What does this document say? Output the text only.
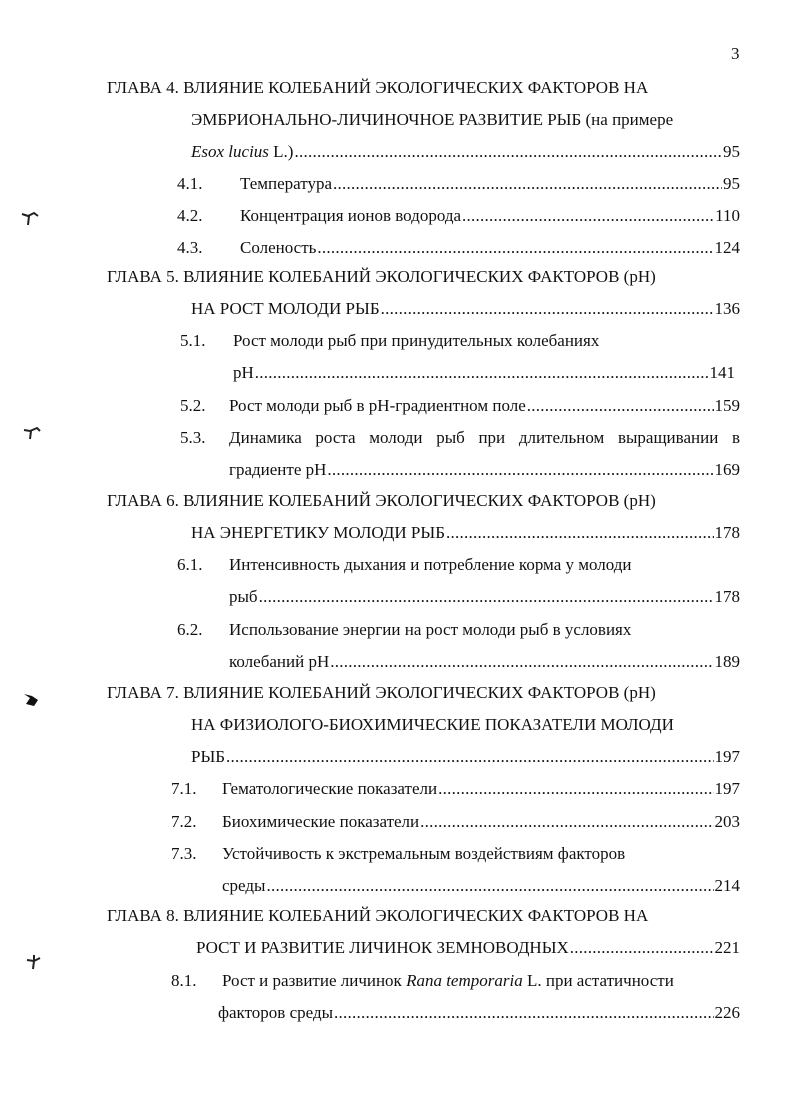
3
ГЛАВА 4. ВЛИЯНИЕ КОЛЕБАНИЙ ЭКОЛОГИЧЕСКИХ ФАКТОРОВ НА
ЭМБРИОНАЛЬНО-ЛИЧИНОЧНОЕ РАЗВИТИЕ РЫБ (на примере
Esox lucius L.) . . .	95
4.1. Температура . . .	95
4.2. Концентрация ионов водорода . . .	110
4.3. Соленость . . .	124
ГЛАВА 5. ВЛИЯНИЕ КОЛЕБАНИЙ ЭКОЛОГИЧЕСКИХ ФАКТОРОВ (рН)
НА РОСТ МОЛОДИ РЫБ . . .	136
5.1. Рост молоди рыб при принудительных колебаниях
рН . . .	141
5.2. Рост молоди рыб в рН-градиентном поле . . .	159
5.3. Динамика роста молоди рыб при длительном выращивании в
градиенте рН . . .	169
ГЛАВА 6. ВЛИЯНИЕ КОЛЕБАНИЙ ЭКОЛОГИЧЕСКИХ ФАКТОРОВ (рН)
НА ЭНЕРГЕТИКУ МОЛОДИ РЫБ . . .	178
6.1. Интенсивность дыхания и потребление корма у молоди
рыб . . .	178
6.2. Использование энергии на рост молоди рыб в условиях
колебаний рН . . .	189
ГЛАВА 7. ВЛИЯНИЕ КОЛЕБАНИЙ ЭКОЛОГИЧЕСКИХ ФАКТОРОВ (рН)
НА ФИЗИОЛОГО-БИОХИМИЧЕСКИЕ ПОКАЗАТЕЛИ МОЛОДИ
РЫБ . . .	197
7.1. Гематологические показатели . . .	197
7.2. Биохимические показатели . . .	203
7.3. Устойчивость к экстремальным воздействиям факторов
среды . . .	214
ГЛАВА 8. ВЛИЯНИЕ КОЛЕБАНИЙ ЭКОЛОГИЧЕСКИХ ФАКТОРОВ НА
РОСТ И РАЗВИТИЕ ЛИЧИНОК ЗЕМНОВОДНЫХ . . .	221
8.1. Рост и развитие личинок Rana temporaria L. при астатичности
факторов среды . . .	226
